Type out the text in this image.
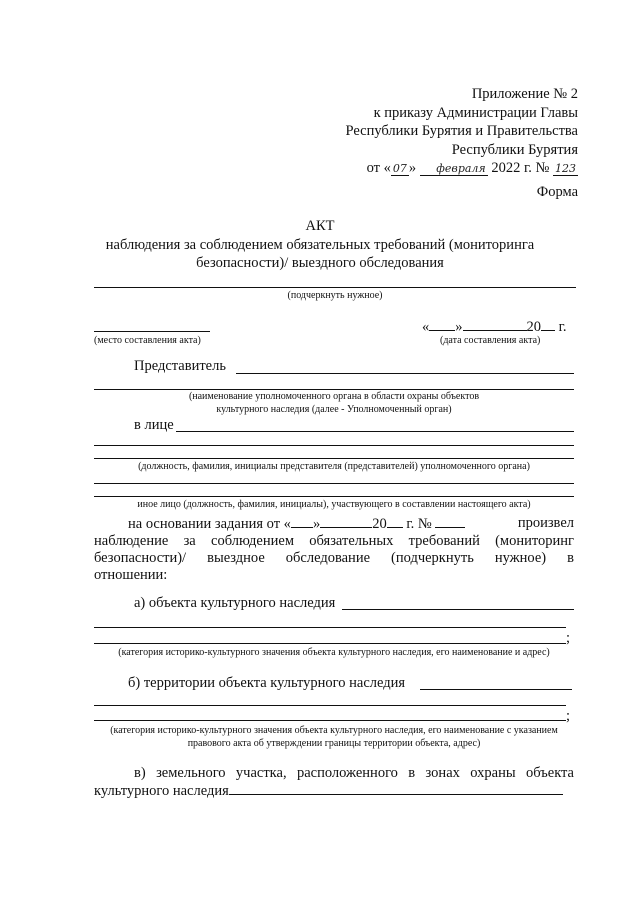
Приложение № 2
к приказу Администрации Главы
Республики Бурятия и Правительства
Республики Бурятия
от « 07 » февраля 2022 г. № 123
Форма
АКТ
наблюдения за соблюдением обязательных требований (мониторинга
безопасности)/ выездного обследования
(подчеркнуть нужное)
(место составления акта)
« »	20 г.
(дата составления акта)
Представитель
(наименование уполномоченного органа в области охраны объектов
культурного наследия (далее - Уполномоченный орган)
в лице
(должность, фамилия, инициалы представителя (представителей) уполномоченного органа)
иное лицо (должность, фамилия, инициалы), участвующего в составлении настоящего акта)
на основании задания от « »	20 г. №	произвел
наблюдение за соблюдением обязательных требований (мониторинг
безопасности)/ выездное обследование (подчеркнуть нужное) в
отношении:
а) объекта культурного наследия
;
(категория историко-культурного значения объекта культурного наследия, его наименование и адрес)
б) территории объекта культурного наследия
;
(категория историко-культурного значения объекта культурного наследия, его наименование с указанием
правового акта об утверждении границы территории объекта, адрес)
в) земельного участка, расположенного в зонах охраны объекта
культурного наследия
